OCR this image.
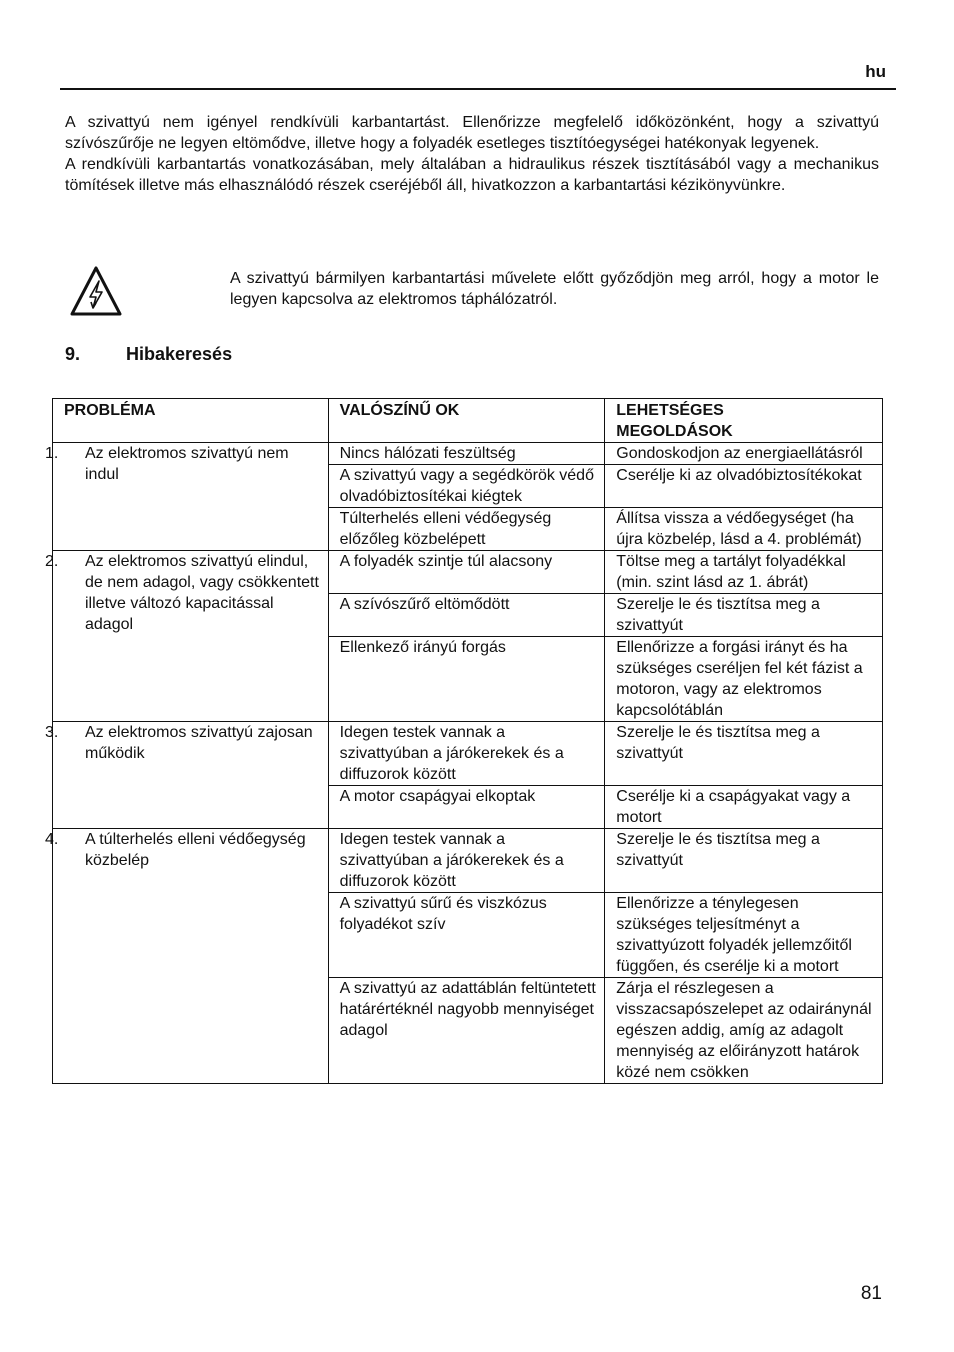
hu

A szivattyú nem igényel rendkívüli karbantartást. Ellenőrizze megfelelő időközönként, hogy a szivattyú szívószűrője ne legyen eltömődve, illetve hogy a folyadék esetleges tisztítóegységei hatékonyak legyenek.

A rendkívüli karbantartás vonatkozásában, mely általában a hidraulikus részek tisztításából vagy a mechanikus tömítések illetve más elhasználódó részek cseréjéből áll, hivatkozzon a karbantartási kézikönyvünkre.

A szivattyú bármilyen karbantartási művelete előtt győződjön meg arról, hogy a motor le legyen kapcsolva az elektromos táphálózatról.

9.	Hibakeresés
PROBLÉMA	VALÓSZÍNŰ OK	LEHETSÉGES
MEGOLDÁSOK

1. Az elektromos szivattyú nem indul	Nincs hálózati feszültség	Gondoskodjon az energiaellátásról
	A szivattyú vagy a segédkörök védő olvadóbiztosítékai kiégtek	Cserélje ki az olvadóbiztosítékokat
	Túlterhelés elleni védőegység előzőleg közbelépett	Állítsa vissza a védőegységet (ha újra közbelép, lásd a 4. problémát)

2. Az elektromos szivattyú elindul, de nem adagol, vagy csökkentett illetve változó kapacitással adagol	A folyadék szintje túl alacsony	Töltse meg a tartályt folyadékkal
(min. szint lásd az 1. ábrát)
	A szívószűrő eltömődött	Szerelje le és tisztítsa meg a szivattyút
	Ellenkező irányú forgás	Ellenőrizze a forgási irányt és ha szükséges cseréljen fel két fázist a motoron, vagy az elektromos kapcsolótáblán

3. Az elektromos szivattyú zajosan működik	Idegen testek vannak a szivattyúban a járókerekek és a diffuzorok között	Szerelje le és tisztítsa meg a szivattyút
	A motor csapágyai elkoptak	Cserélje ki a csapágyakat vagy a motort

4. A túlterhelés elleni védőegység közbelép	Idegen testek vannak a szivattyúban a járókerekek és a diffuzorok között	Szerelje le és tisztítsa meg a szivattyút
	A szivattyú sűrű és viszkózus folyadékot szív	Ellenőrizze a ténylegesen szükséges teljesítményt a szivattyúzott folyadék jellemzőitől függően, és cserélje ki a motort
	A szivattyú az adattáblán feltüntetett határértéknél nagyobb mennyiséget adagol	Zárja el részlegesen a visszacsapószelepet az odairánynál egészen addig, amíg az adagolt mennyiség az előirányzott határok közé nem csökken
81
